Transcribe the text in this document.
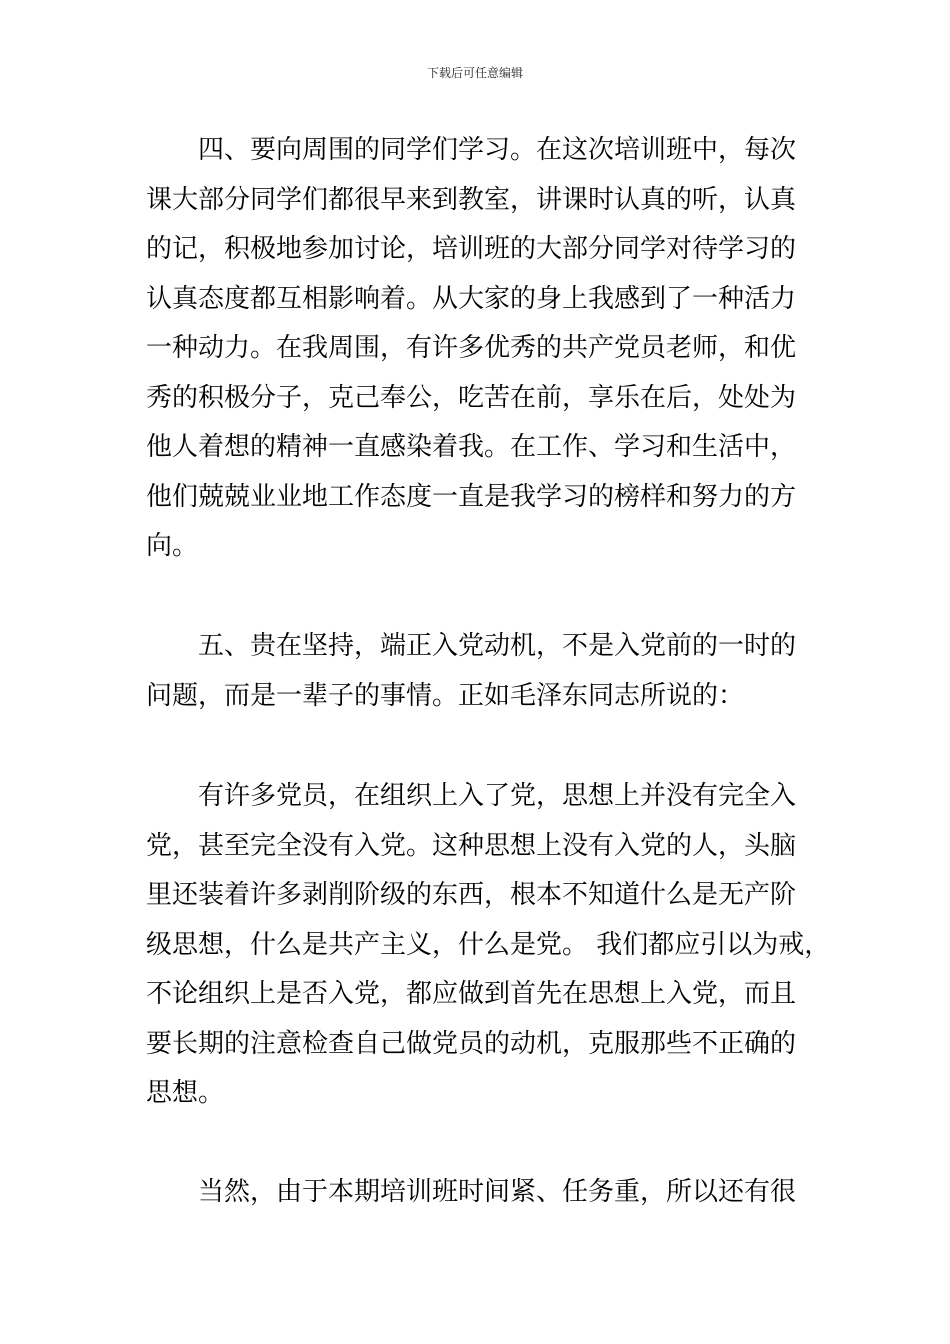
下载后可任意编辑
四、要向周围的同学们学习。在这次培训班中，每次
课大部分同学们都很早来到教室，讲课时认真的听，认真
的记，积极地参加讨论，培训班的大部分同学对待学习的
认真态度都互相影响着。从大家的身上我感到了一种活力
一种动力。在我周围，有许多优秀的共产党员老师，和优
秀的积极分子，克己奉公，吃苦在前，享乐在后，处处为
他人着想的精神一直感染着我。在工作、学习和生活中，
他们兢兢业业地工作态度一直是我学习的榜样和努力的方
向。
五、贵在坚持，端正入党动机，不是入党前的一时的
问题，而是一辈子的事情。正如毛泽东同志所说的：
有许多党员，在组织上入了党，思想上并没有完全入
党，甚至完全没有入党。这种思想上没有入党的人，头脑
里还装着许多剥削阶级的东西，根本不知道什么是无产阶
级思想，什么是共产主义，什么是党。 我们都应引以为戒，
不论组织上是否入党，都应做到首先在思想上入党，而且
要长期的注意检查自己做党员的动机，克服那些不正确的
思想。
当然，由于本期培训班时间紧、任务重，所以还有很
